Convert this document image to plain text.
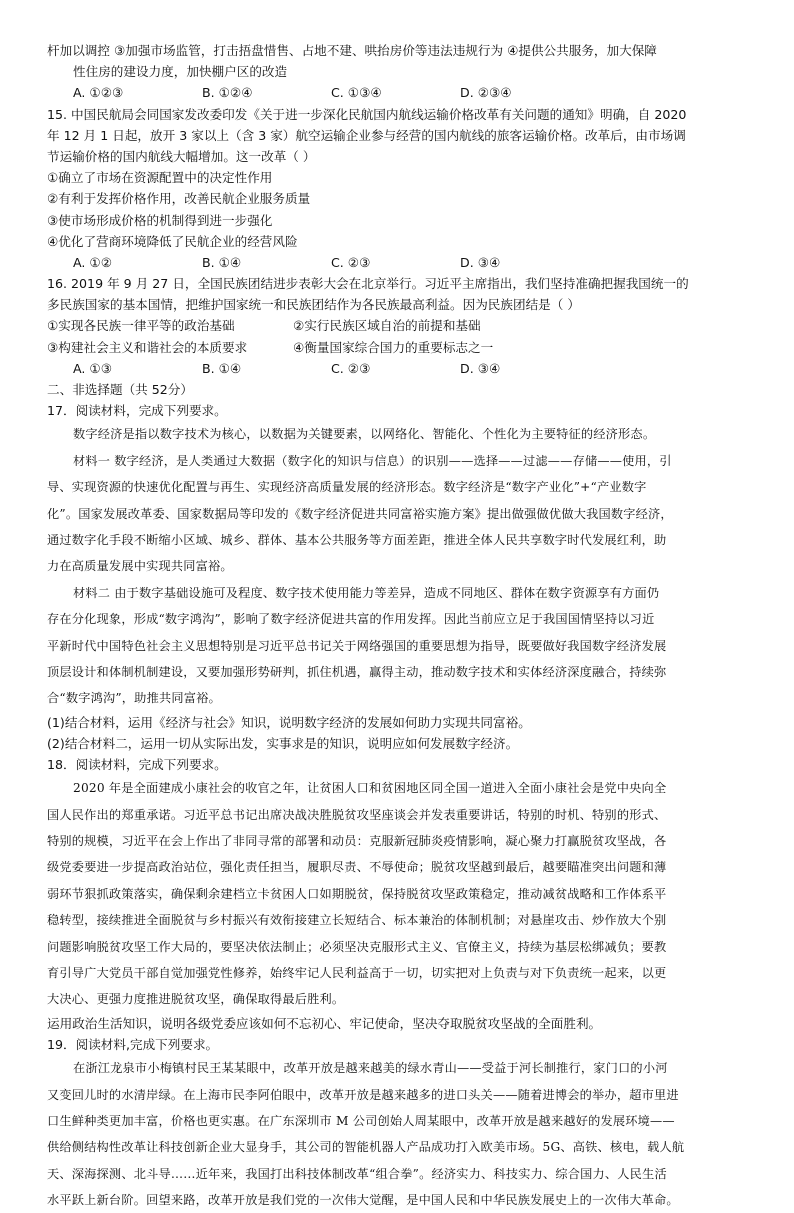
杆加以调控 ③加强市场监管，打击捂盘惜售、占地不建、哄抬房价等违法违规行为 ④提供公共服务，加大保障
性住房的建设力度，加快棚户区的改造
A. ①②③	B. ①②④	C. ①③④	D. ②③④
15. 中国民航局会同国家发改委印发《关于进一步深化民航国内航线运输价格改革有关问题的通知》明确，自 2020
年 12 月 1 日起，放开 3 家以上（含 3 家）航空运输企业参与经营的国内航线的旅客运输价格。改革后，由市场调
节运输价格的国内航线大幅增加。这一改革（ ）
①确立了市场在资源配置中的决定性作用
②有利于发挥价格作用，改善民航企业服务质量
③使市场形成价格的机制得到进一步强化
④优化了营商环境降低了民航企业的经营风险
A. ①②	B. ①④	C. ②③	D. ③④
16. 2019 年 9 月 27 日，全国民族团结进步表彰大会在北京举行。习近平主席指出，我们坚持准确把握我国统一的
多民族国家的基本国情，把维护国家统一和民族团结作为各民族最高利益。因为民族团结是（ ）
①实现各民族一律平等的政治基础	②实行民族区域自治的前提和基础
③构建社会主义和谐社会的本质要求	④衡量国家综合国力的重要标志之一
A. ①③	B. ①④	C. ②③	D. ③④
二、非选择题（共 52分）
17．阅读材料，完成下列要求。
数字经济是指以数字技术为核心，以数据为关键要素，以网络化、智能化、个性化为主要特征的经济形态。
材料一 数字经济，是人类通过大数据（数字化的知识与信息）的识别——选择——过滤——存储——使用，引
导、实现资源的快速优化配置与再生、实现经济高质量发展的经济形态。数字经济是“数字产业化”+“产业数字
化”。国家发展改革委、国家数据局等印发的《数字经济促进共同富裕实施方案》提出做强做优做大我国数字经济，
通过数字化手段不断缩小区域、城乡、群体、基本公共服务等方面差距，推进全体人民共享数字时代发展红利，助
力在高质量发展中实现共同富裕。
材料二 由于数字基础设施可及程度、数字技术使用能力等差异，造成不同地区、群体在数字资源享有方面仍
存在分化现象，形成“数字鸿沟”，影响了数字经济促进共富的作用发挥。因此当前应立足于我国国情坚持以习近
平新时代中国特色社会主义思想特别是习近平总书记关于网络强国的重要思想为指导，既要做好我国数字经济发展
顶层设计和体制机制建设，又要加强形势研判，抓住机遇，赢得主动，推动数字技术和实体经济深度融合，持续弥
合“数字鸿沟”，助推共同富裕。
(1)结合材料，运用《经济与社会》知识，说明数字经济的发展如何助力实现共同富裕。
(2)结合材料二，运用一切从实际出发，实事求是的知识，说明应如何发展数字经济。
18．阅读材料，完成下列要求。
2020 年是全面建成小康社会的收官之年，让贫困人口和贫困地区同全国一道进入全面小康社会是党中央向全
国人民作出的郑重承诺。习近平总书记出席决战决胜脱贫攻坚座谈会并发表重要讲话，特别的时机、特别的形式、
特别的规模，习近平在会上作出了非同寻常的部署和动员：克服新冠肺炎疫情影响，凝心聚力打赢脱贫攻坚战，各
级党委要进一步提高政治站位，强化责任担当，履职尽责、不辱使命；脱贫攻坚越到最后，越要瞄准突出问题和薄
弱环节狠抓政策落实，确保剩余建档立卡贫困人口如期脱贫，保持脱贫攻坚政策稳定，推动减贫战略和工作体系平
稳转型，接续推进全面脱贫与乡村振兴有效衔接建立长短结合、标本兼治的体制机制；对悬崖攻击、炒作放大个别
问题影响脱贫攻坚工作大局的，要坚决依法制止；必须坚决克服形式主义、官僚主义，持续为基层松绑减负；要教
育引导广大党员干部自觉加强党性修养，始终牢记人民利益高于一切，切实把对上负责与对下负责统一起来，以更
大决心、更强力度推进脱贫攻坚，确保取得最后胜利。
运用政治生活知识，说明各级党委应该如何不忘初心、牢记使命，坚决夺取脱贫攻坚战的全面胜利。
19．阅读材料,完成下列要求。
在浙江龙泉市小梅镇村民王某某眼中，改革开放是越来越美的绿水青山——受益于河长制推行，家门口的小河
又变回儿时的水清岸绿。在上海市民李阿伯眼中，改革开放是越来越多的进口头关——随着进博会的举办，超市里进
口生鲜种类更加丰富，价格也更实惠。在广东深圳市 M 公司创始人周某眼中，改革开放是越来越好的发展环境——
供给侧结构性改革让科技创新企业大显身手，其公司的智能机器人产品成功打入欧美市场。5G、高铁、核电，载人航
天、深海探测、北斗导……近年来，我国打出科技体制改革“组合拳”。经济实力、科技实力、综合国力、人民生活
水平跃上新台阶。回望来路，改革开放是我们党的一次伟大觉醒，是中国人民和中华民族发展史上的一次伟大革命。
